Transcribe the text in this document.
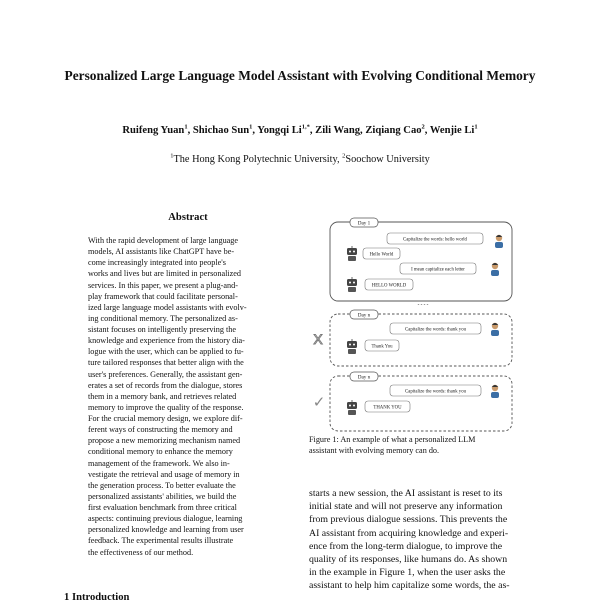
Personalized Large Language Model Assistant with Evolving Conditional Memory
Ruifeng Yuan$^1$, Shichao Sun$^1$, Yongqi $Li^{1,*}$, Zili Wang, Ziqiang Cao$^2$, Wenjie Li$^1$
$^1$The Hong Kong Polytechnic University, $^2$Soochow University
Abstract
With the rapid development of large language
models, AI assistants like ChatGPT have be-
come increasingly integrated into people's
works and lives but are limited in personalized
services. In this paper, we present a plug-and-
play framework that could facilitate personal-
ized large language model assistants with evolv-
ing conditional memory. The personalized as-
sistant focuses on intelligently preserving the
knowledge and experience from the history dia-
logue with the user, which can be applied to fu-
ture tailored responses that better align with the
user's preferences. Generally, the assistant gen-
erates a set of records from the dialogue, stores
them in a memory bank, and retrieves related
memory to improve the quality of the response.
For the crucial memory design, we explore dif-
ferent ways of constructing the memory and
propose a new memorizing mechanism named
conditional memory to enhance the memory
management of the framework. We also in-
vestigate the retrieval and usage of memory in
the generation process. To better evaluate the
personalized assistants' abilities, we build the
first evaluation benchmark from three critical
aspects: continuing previous dialogue, learning
personalized knowledge and learning from user
feedback. The experimental results illustrate
the effectiveness of our method.
1 Introduction
Day 1
Capitalize the words: hello world
Hello World
I mean capitalize each letter
HELLO WORLD
- - - -
Day n
X
Capitalize the words: thank you
Thank You
Day n
✓
Capitalize the words: thank you
THANK YOU
Figure 1: An example of what a personalized LLM
assistant with evolving memory can do.
starts a new session, the AI assistant is reset to its
initial state and will not preserve any information
from previous dialogue sessions. This prevents the
AI assistant from acquiring knowledge and experi-
ence from the long-term dialogue, to improve the
quality of its responses, like humans do. As shown
in the example in Figure 1, when the user asks the
assistant to help him capitalize some words, the as-
